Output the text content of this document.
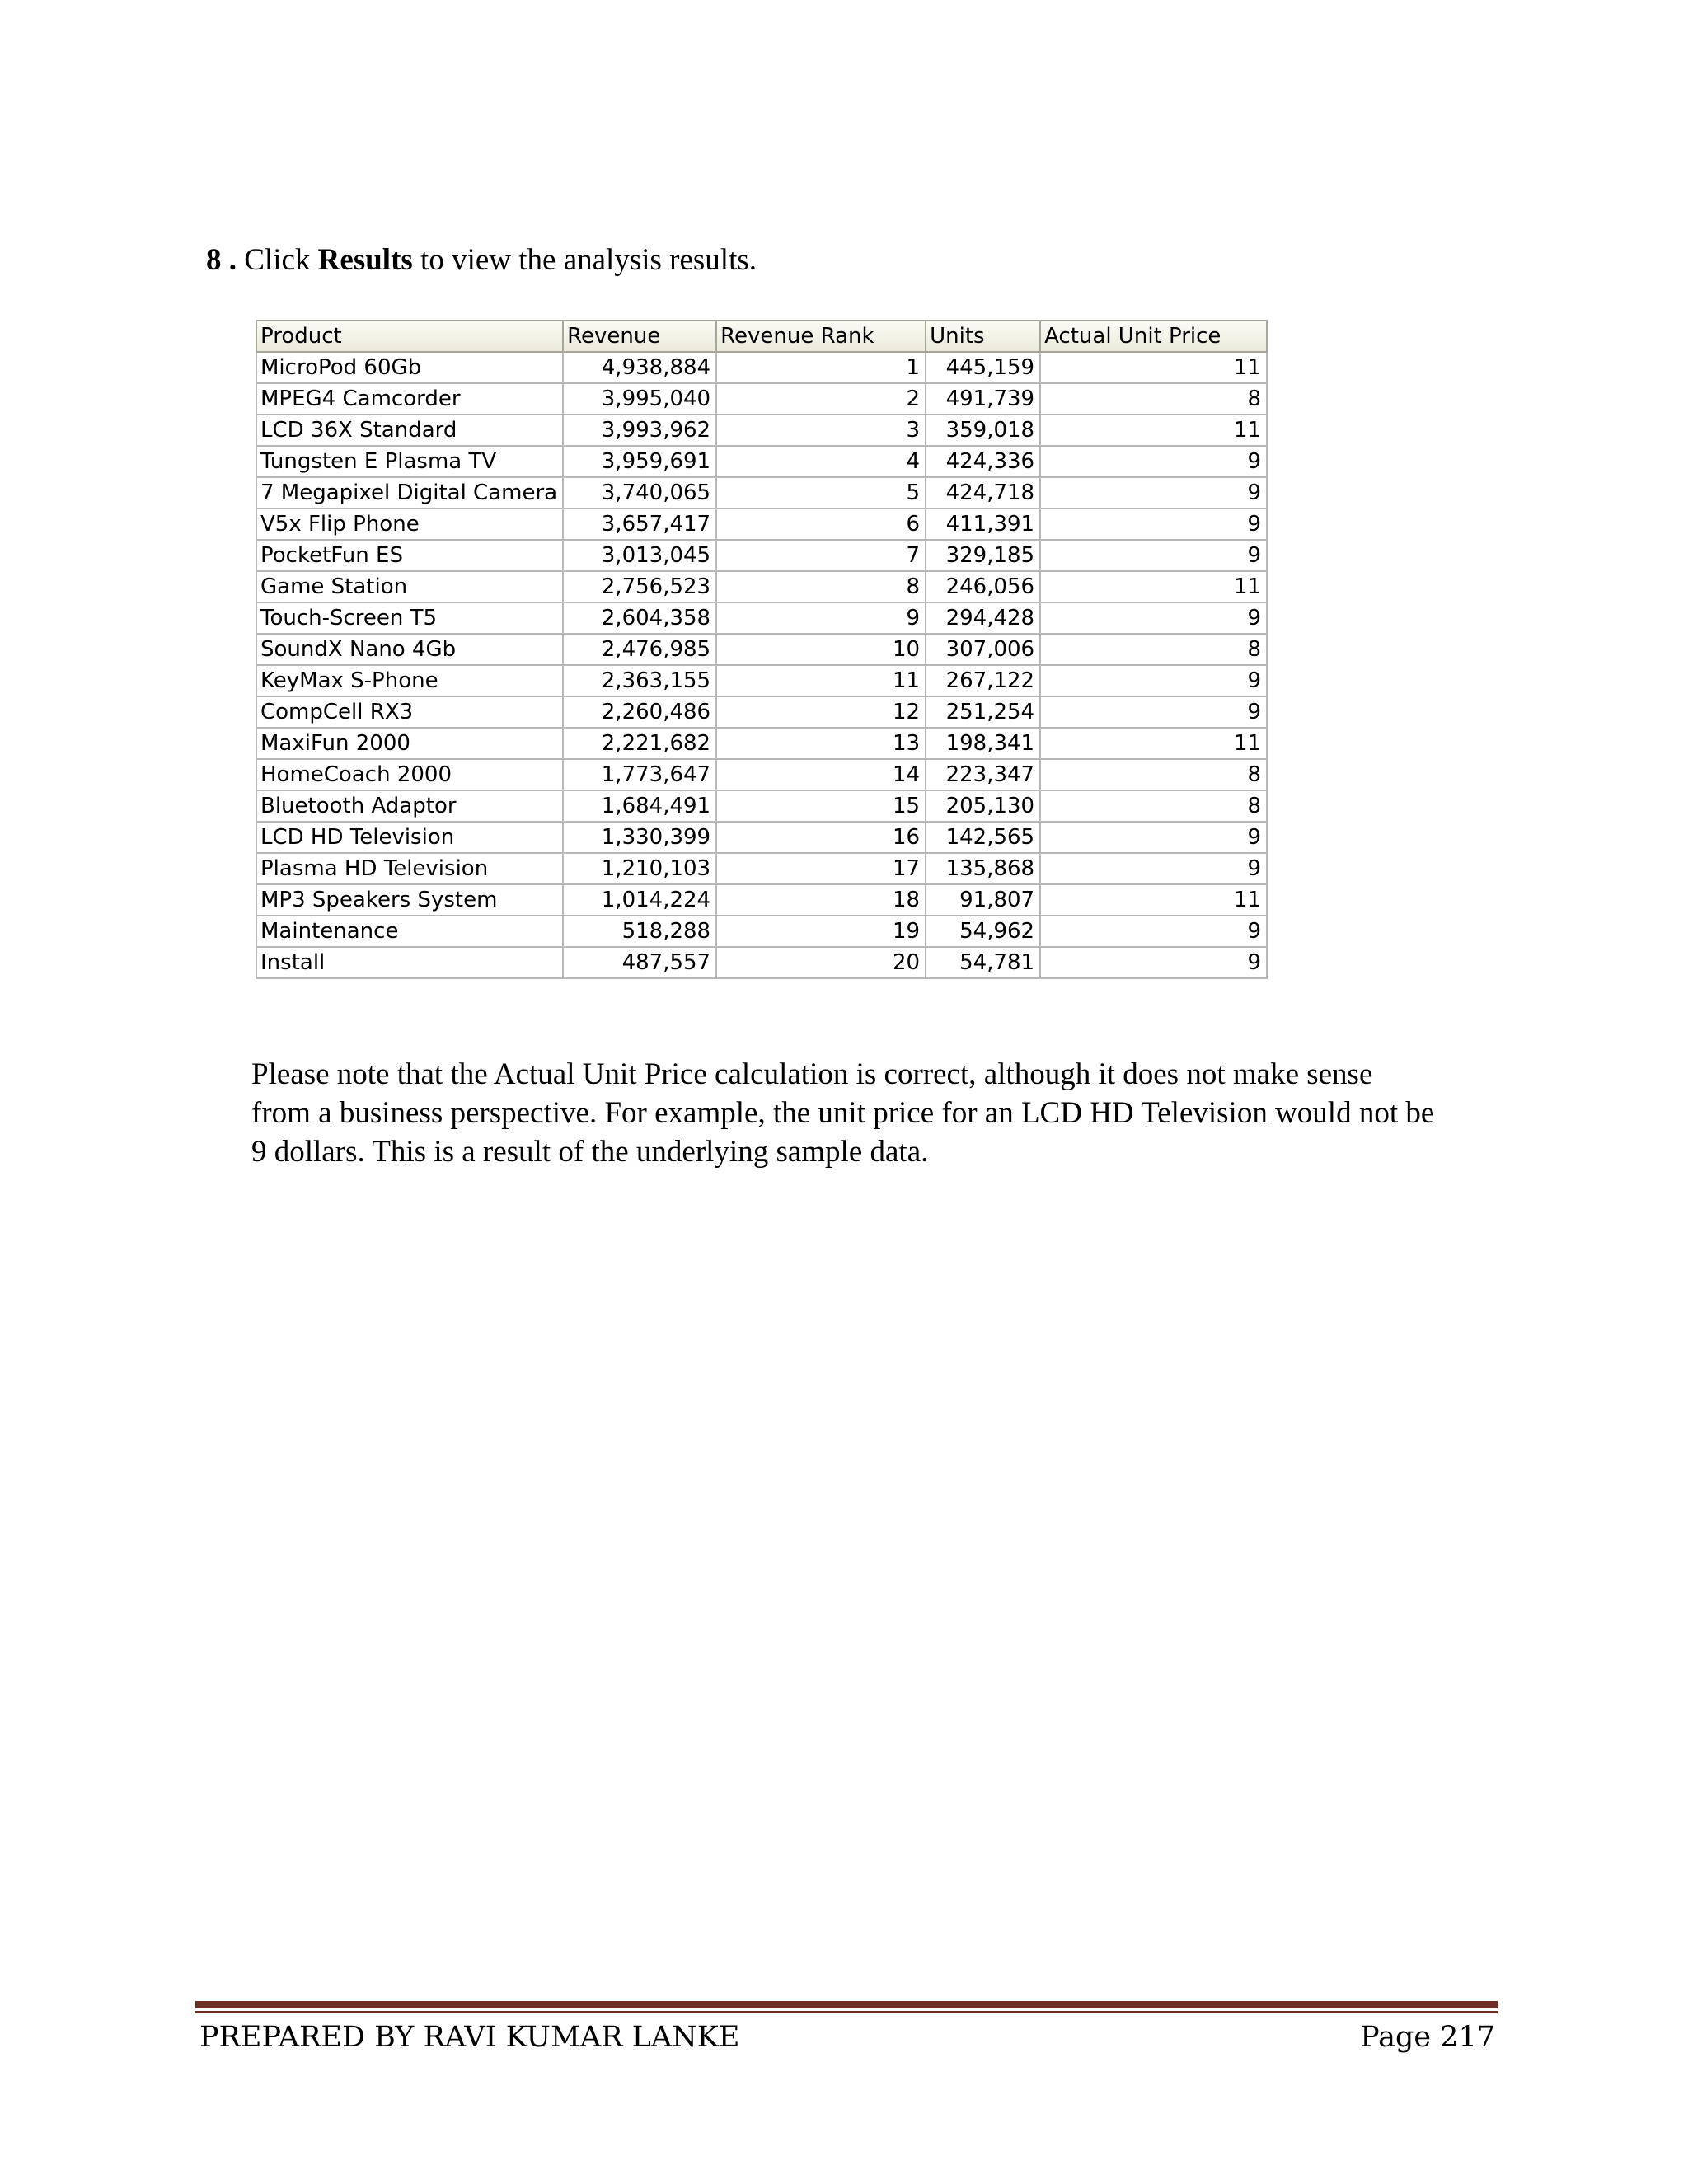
8 . Click Results to view the analysis results.
Product	Revenue	Revenue Rank	Units	Actual Unit Price
MicroPod 60Gb	4,938,884	1	445,159	11
MPEG4 Camcorder	3,995,040	2	491,739	8
LCD 36X Standard	3,993,962	3	359,018	11
Tungsten E Plasma TV	3,959,691	4	424,336	9
7 Megapixel Digital Camera	3,740,065	5	424,718	9
V5x Flip Phone	3,657,417	6	411,391	9
PocketFun ES	3,013,045	7	329,185	9
Game Station	2,756,523	8	246,056	11
Touch-Screen T5	2,604,358	9	294,428	9
SoundX Nano 4Gb	2,476,985	10	307,006	8
KeyMax S-Phone	2,363,155	11	267,122	9
CompCell RX3	2,260,486	12	251,254	9
MaxiFun 2000	2,221,682	13	198,341	11
HomeCoach 2000	1,773,647	14	223,347	8
Bluetooth Adaptor	1,684,491	15	205,130	8
LCD HD Television	1,330,399	16	142,565	9
Plasma HD Television	1,210,103	17	135,868	9
MP3 Speakers System	1,014,224	18	91,807	11
Maintenance	518,288	19	54,962	9
Install	487,557	20	54,781	9
Please note that the Actual Unit Price calculation is correct, although it does not make sense
from a business perspective. For example, the unit price for an LCD HD Television would not be
9 dollars. This is a result of the underlying sample data.
PREPARED BY RAVI KUMAR LANKE	Page 217
